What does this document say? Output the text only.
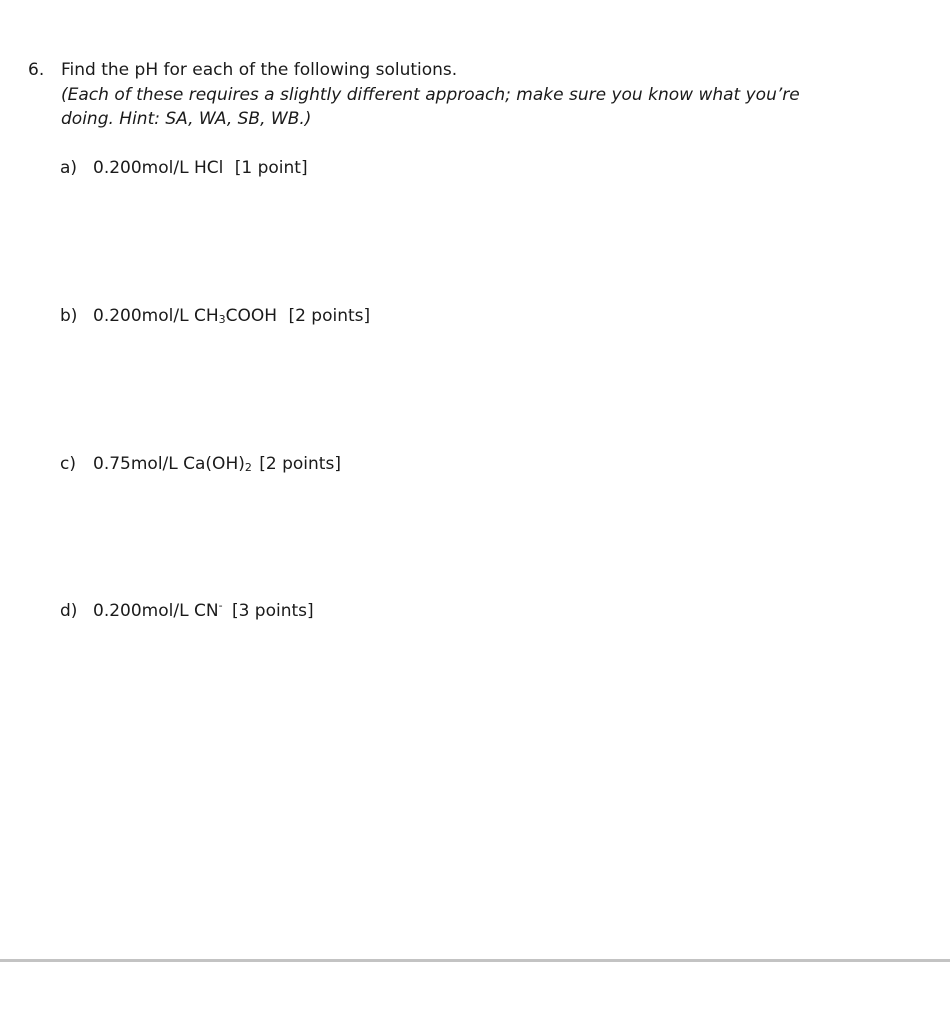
6. Find the pH for each of the following solutions.
(Each of these requires a slightly different approach; make sure you know what you’re doing. Hint: SA, WA, SB, WB.)
a) 0.200mol/L HCl [1 point]
b) 0.200mol/L $CH_3COOH$ [2 points]
c) 0.75mol/L $Ca(OH)_2$ [2 points]
d) 0.200mol/L CN- [3 points]
